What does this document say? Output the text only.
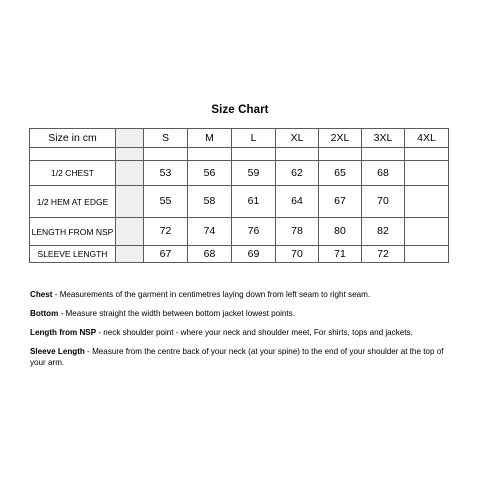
Size Chart
Size in cm		S	M	L	XL	2XL	3XL	4XL

1/2 CHEST		53	56	59	62	65	68	
1/2 HEM AT EDGE		55	58	61	64	67	70	
LENGTH FROM NSP		72	74	76	78	80	82	
SLEEVE LENGTH		67	68	69	70	71	72	

Chest - Measurements of the garment in centimetres laying down from left seam to right seam.

Bottom - Measure straight the width between bottom jacket lowest points.

Length from NSP - neck shoulder point - where your neck and shoulder meet, For shirts, tops and jackets.

Sleeve Length - Measure from the centre back of your neck (at your spine) to the end of your shoulder at the top of your arm.
